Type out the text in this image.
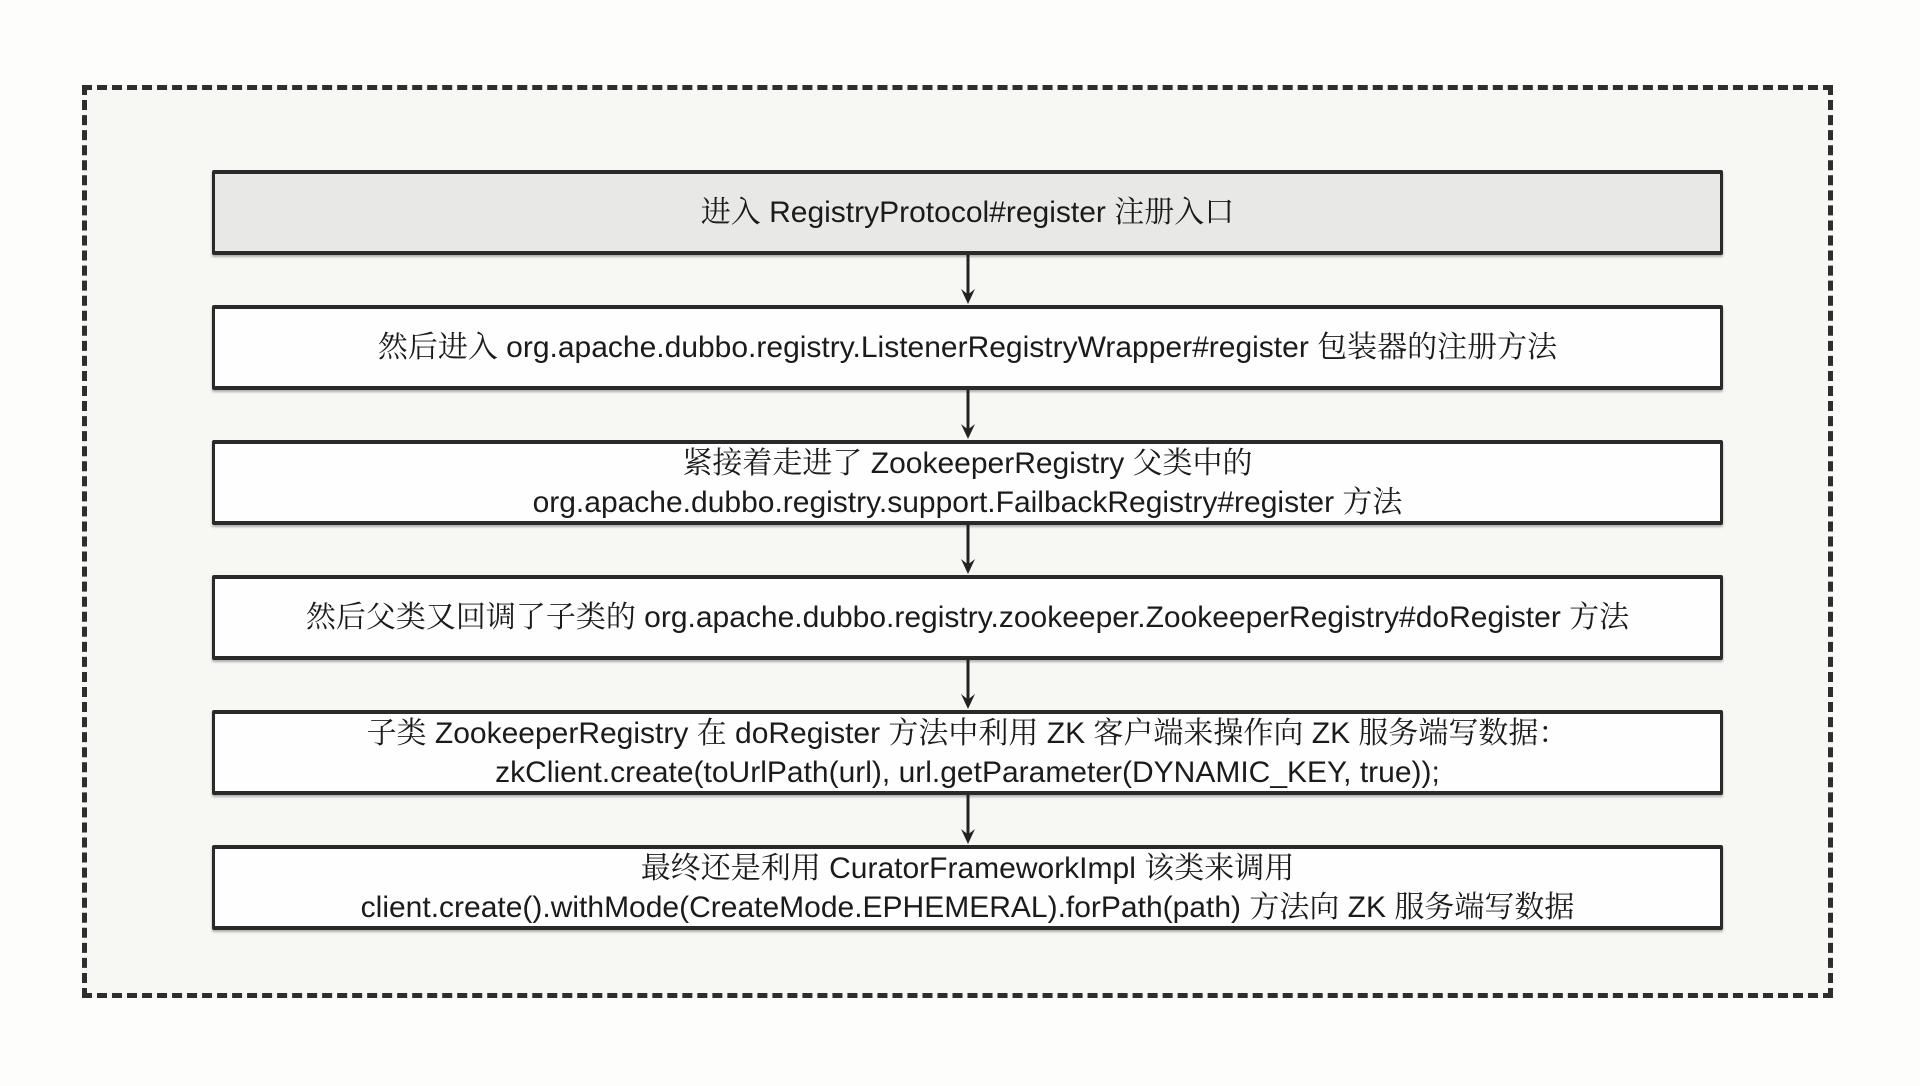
进入 RegistryProtocol#register 注册入口
然后进入 org.apache.dubbo.registry.ListenerRegistryWrapper#register 包装器的注册方法
紧接着走进了 ZookeeperRegistry 父类中的
org.apache.dubbo.registry.support.FailbackRegistry#register 方法
然后父类又回调了子类的 org.apache.dubbo.registry.zookeeper.ZookeeperRegistry#doRegister 方法
子类 ZookeeperRegistry 在 doRegister 方法中利用 ZK 客户端来操作向 ZK 服务端写数据：
zkClient.create(toUrlPath(url), url.getParameter(DYNAMIC_KEY, true));
最终还是利用 CuratorFrameworkImpl 该类来调用
client.create().withMode(CreateMode.EPHEMERAL).forPath(path) 方法向 ZK 服务端写数据
